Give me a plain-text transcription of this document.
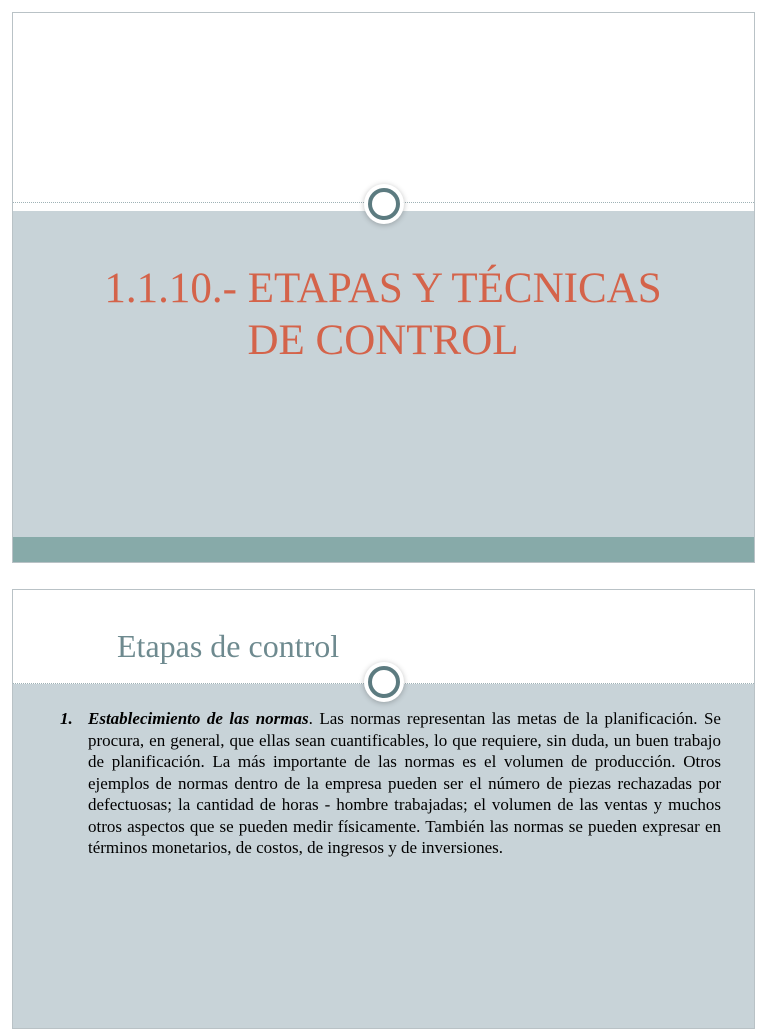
1.1.10.- ETAPAS Y TÉCNICAS
DE CONTROL
Etapas de control
1. Establecimiento de las normas. Las normas representan las metas de la planificación. Se procura, en general, que ellas sean cuantificables, lo que requiere, sin duda, un buen trabajo de planificación. La más importante de las normas es el volumen de producción. Otros ejemplos de normas dentro de la empresa pueden ser el número de piezas rechazadas por defectuosas; la cantidad de horas - hombre trabajadas; el volumen de las ventas y muchos otros aspectos que se pueden medir físicamente. También las normas se pueden expresar en términos monetarios, de costos, de ingresos y de inversiones.
